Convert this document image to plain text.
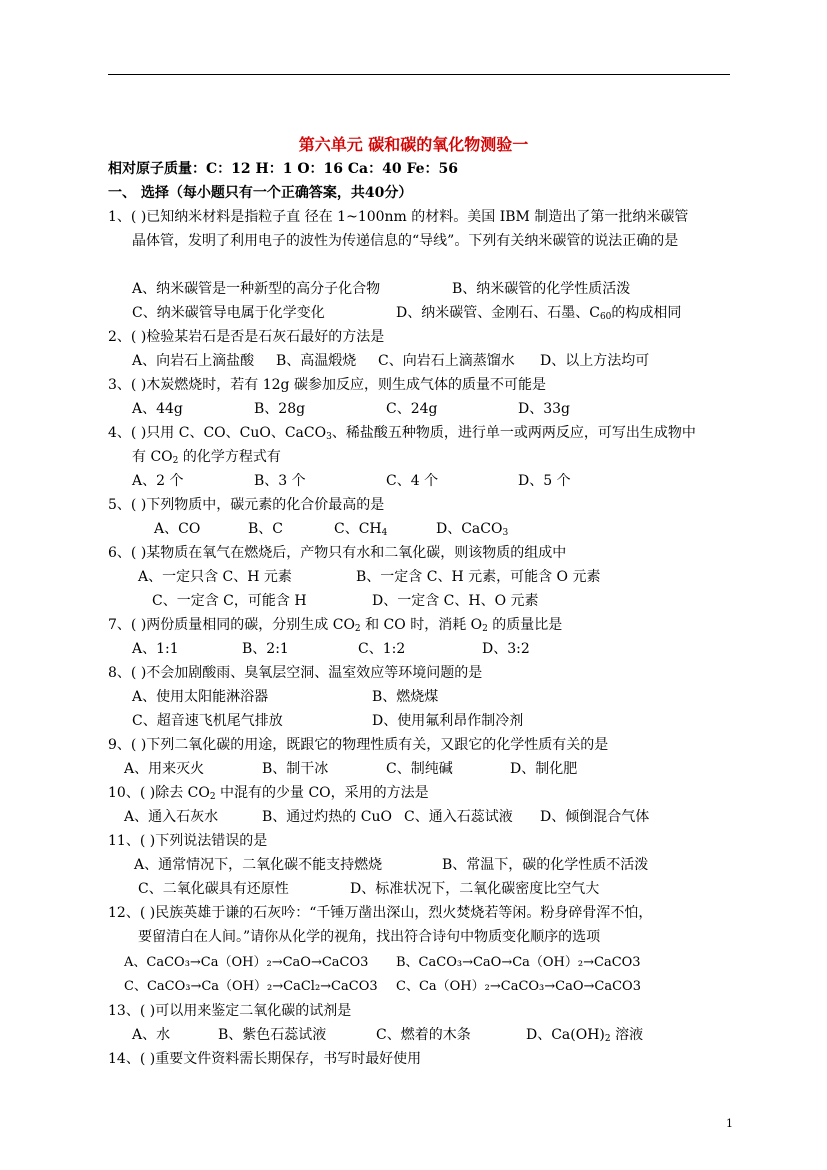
第六单元 碳和碳的氧化物测验一
相对原子质量：C：12 H：1 O：16 Ca：40 Fe：56
一、 选择（每小题只有一个正确答案，共40分）
1、( )已知纳米材料是指粒子直 径在 1~100nm 的材料。美国 IBM 制造出了第一批纳米碳管
晶体管，发明了利用电子的波性为传递信息的“导线”。下列有关纳米碳管的说法正确的是
A、纳米碳管是一种新型的高分子化合物	B、纳米碳管的化学性质活泼
C、纳米碳管导电属于化学变化	D、纳米碳管、金刚石、石墨、$C_{60}$的构成相同
2、( )检验某岩石是否是石灰石最好的方法是
A、向岩石上滴盐酸 B、高温煅烧 C、向岩石上滴蒸馏水 D、以上方法均可
3、( )木炭燃烧时，若有 12g 碳参加反应，则生成气体的质量不可能是
A、44g	B、28g	C、24g	D、33g
4、( )只用 C、CO、CuO、CaCO$_3$、稀盐酸五种物质，进行单一或两两反应，可写出生成物中
有 $CO_2$ 的化学方程式有
A、2 个	B、3 个	C、4 个	D、5 个
5、( )下列物质中，碳元素的化合价最高的是
A、CO	B、C	C、$CH_4$	D、CaCO$_3$
6、( )某物质在氧气在燃烧后，产物只有水和二氧化碳，则该物质的组成中
A、一定只含 C、H 元素	B、一定含 C、H 元素，可能含 O 元素
C、一定含 C，可能含 H	D、一定含 C、H、O 元素
7、( )两份质量相同的碳，分别生成 $CO_2$ 和 CO 时，消耗 $O_2$ 的质量比是
A、1:1	B、2:1	C、1:2	D、3:2
8、( )不会加剧酸雨、臭氧层空洞、温室效应等环境问题的是
A、使用太阳能淋浴器	B、燃烧煤
C、超音速飞机尾气排放	D、使用氟利昂作制冷剂
9、( )下列二氧化碳的用途，既跟它的物理性质有关，又跟它的化学性质有关的是
A、用来灭火	B、制干冰	C、制纯碱	D、制化肥
10、( )除去 $CO_2$ 中混有的少量 CO，采用的方法是
A、通入石灰水	B、通过灼热的 CuO C、通入石蕊试液 D、倾倒混合气体
11、( )下列说法错误的是
A、通常情况下，二氧化碳不能支持燃烧	B、常温下，碳的化学性质不活泼
C、二氧化碳具有还原性	D、标准状况下，二氧化碳密度比空气大
12、( )民族英雄于谦的石灰吟：“千锤万凿出深山，烈火焚烧若等闲。粉身碎骨浑不怕，
要留清白在人间。”请你从化学的视角，找出符合诗句中物质变化顺序的选项
A、CaCO₃→Ca（OH）₂→CaO→CaCO3 B、CaCO₃→CaO→Ca（OH）₂→CaCO3
C、CaCO₃→Ca（OH）₂→CaCl₂→CaCO3 C、Ca（OH）₂→CaCO₃→CaO→CaCO3
13、( )可以用来鉴定二氧化碳的试剂是
A、水	B、紫色石蕊试液	C、燃着的木条	D、$Ca(OH)_2$ 溶液
14、( )重要文件资料需长期保存，书写时最好使用
1
